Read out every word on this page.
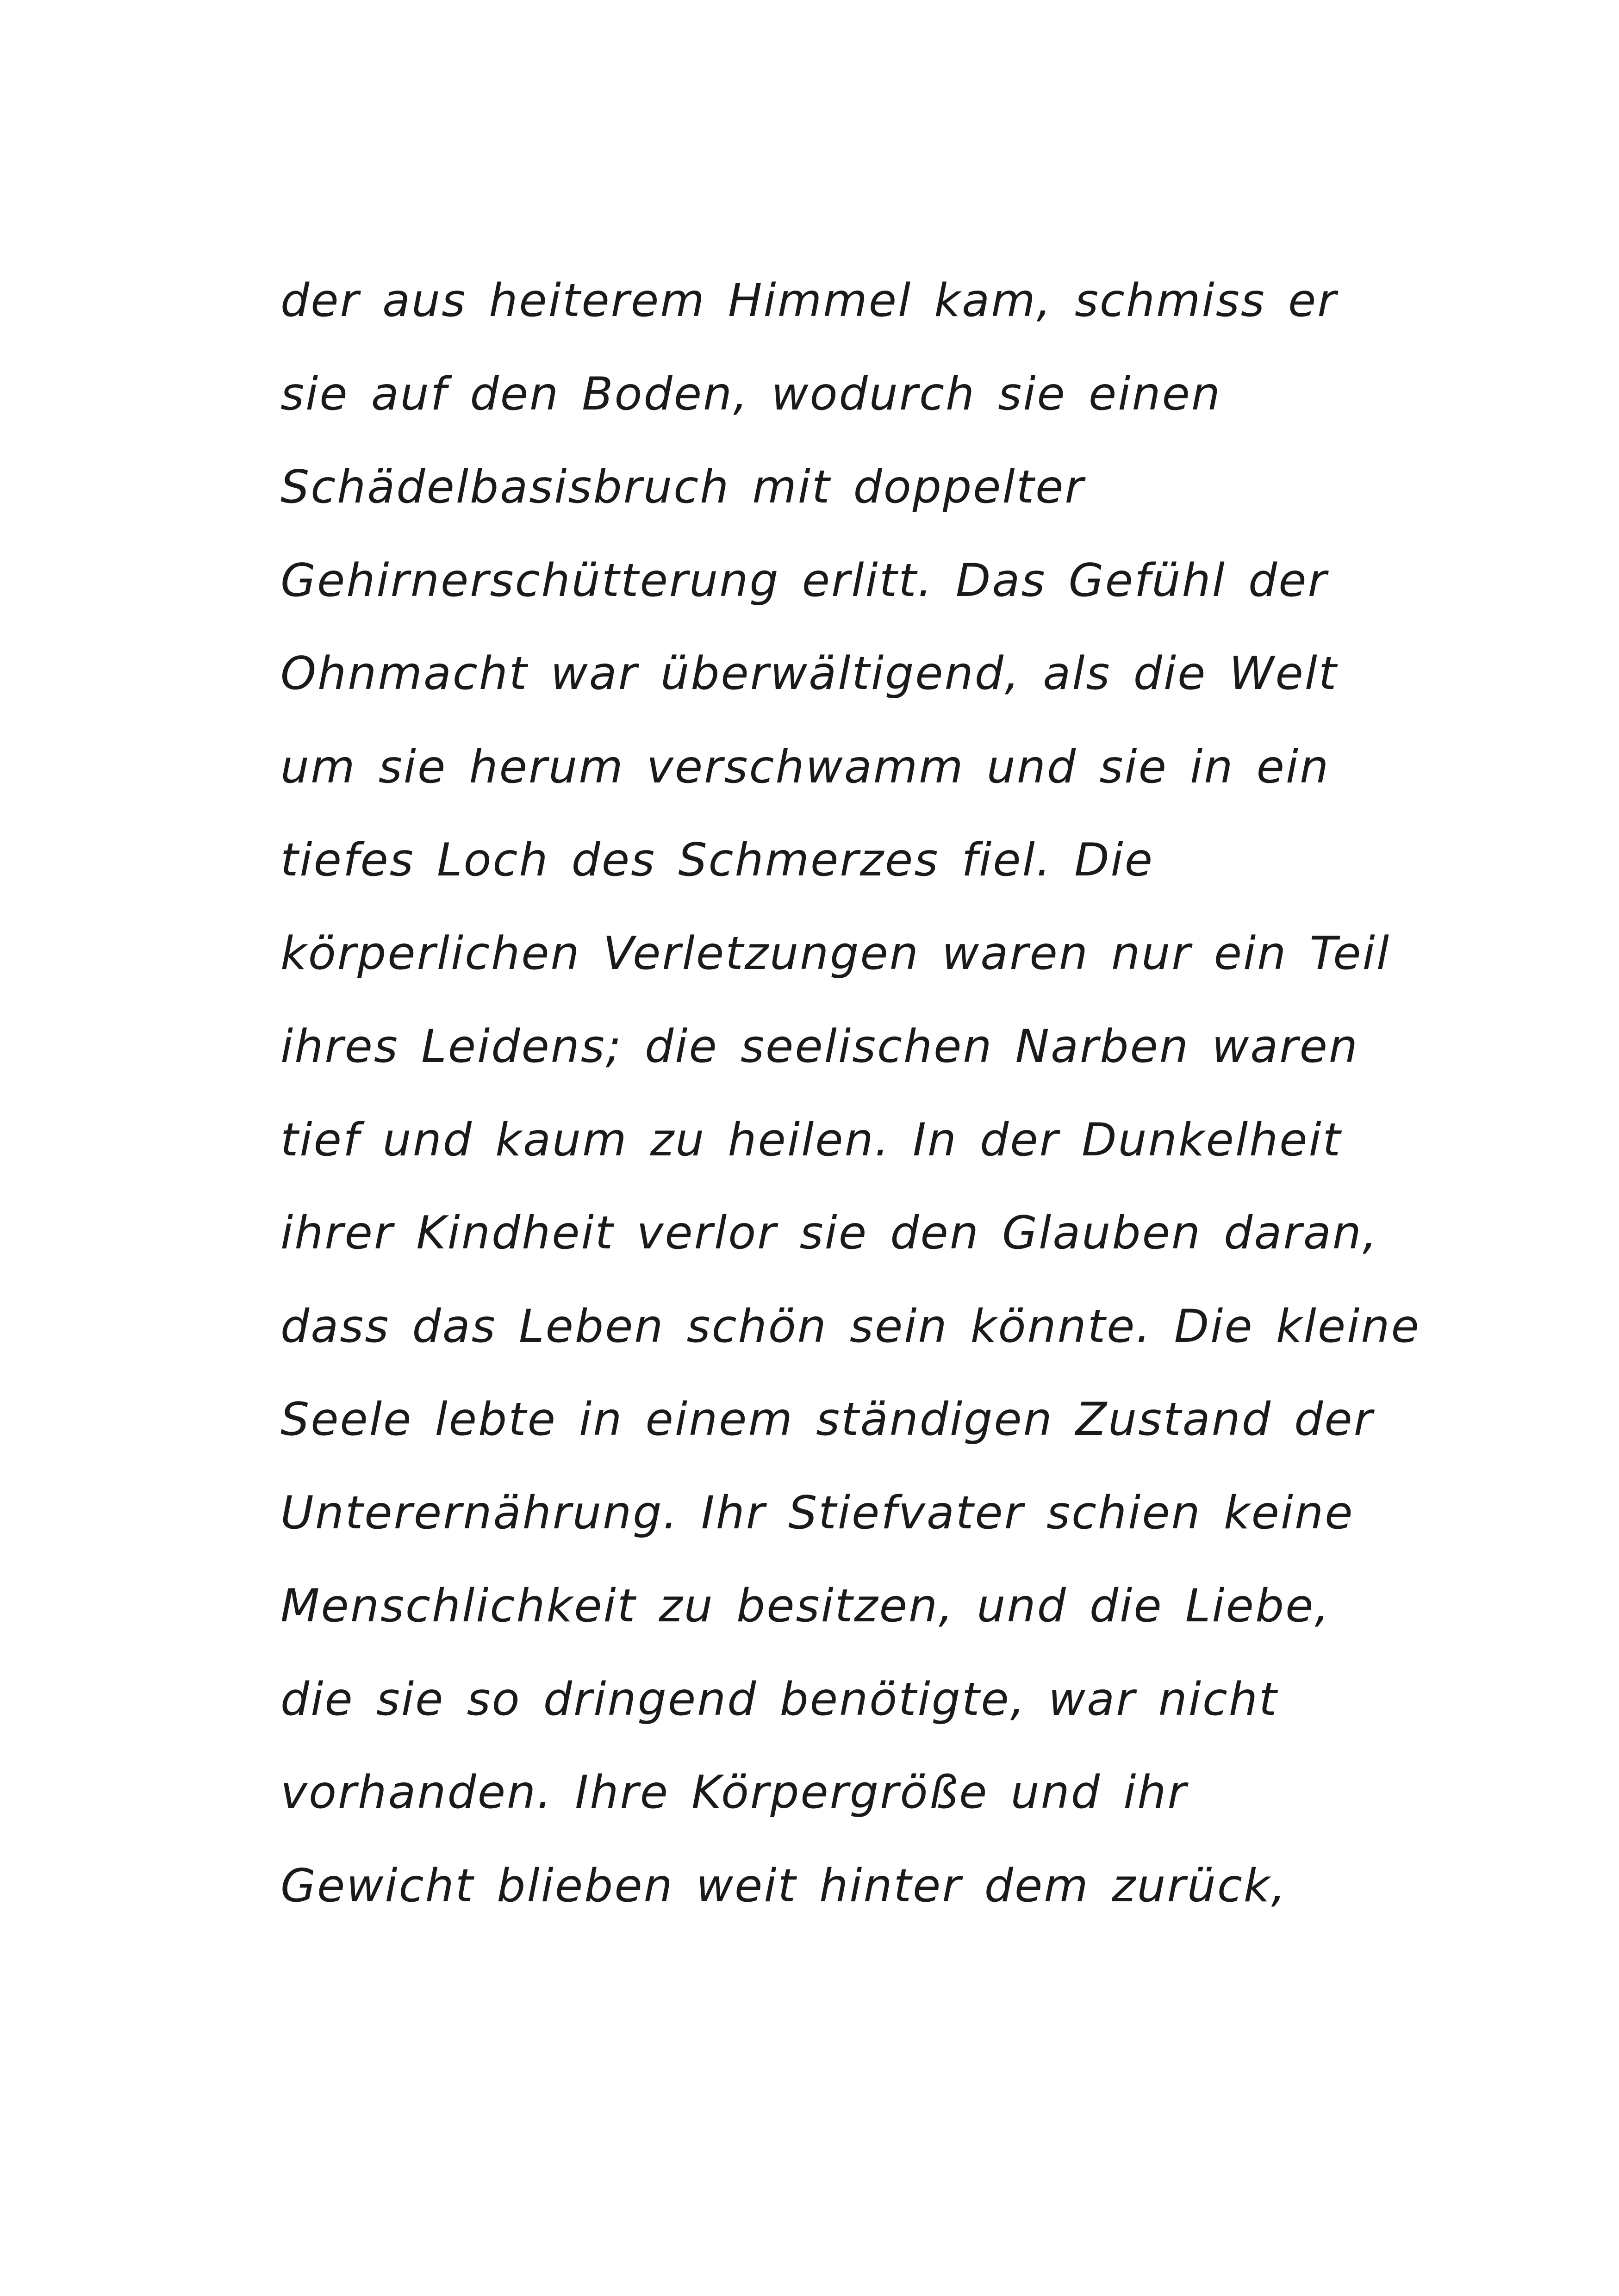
der aus heiterem Himmel kam, schmiss er
sie auf den Boden, wodurch sie einen
Schädelbasisbruch mit doppelter
Gehirnerschütterung erlitt. Das Gefühl der
Ohnmacht war überwältigend, als die Welt
um sie herum verschwamm und sie in ein
tiefes Loch des Schmerzes fiel. Die
körperlichen Verletzungen waren nur ein Teil
ihres Leidens; die seelischen Narben waren
tief und kaum zu heilen. In der Dunkelheit
ihrer Kindheit verlor sie den Glauben daran,
dass das Leben schön sein könnte. Die kleine
Seele lebte in einem ständigen Zustand der
Unterernährung. Ihr Stiefvater schien keine
Menschlichkeit zu besitzen, und die Liebe,
die sie so dringend benötigte, war nicht
vorhanden. Ihre Körpergröße und ihr
Gewicht blieben weit hinter dem zurück,
